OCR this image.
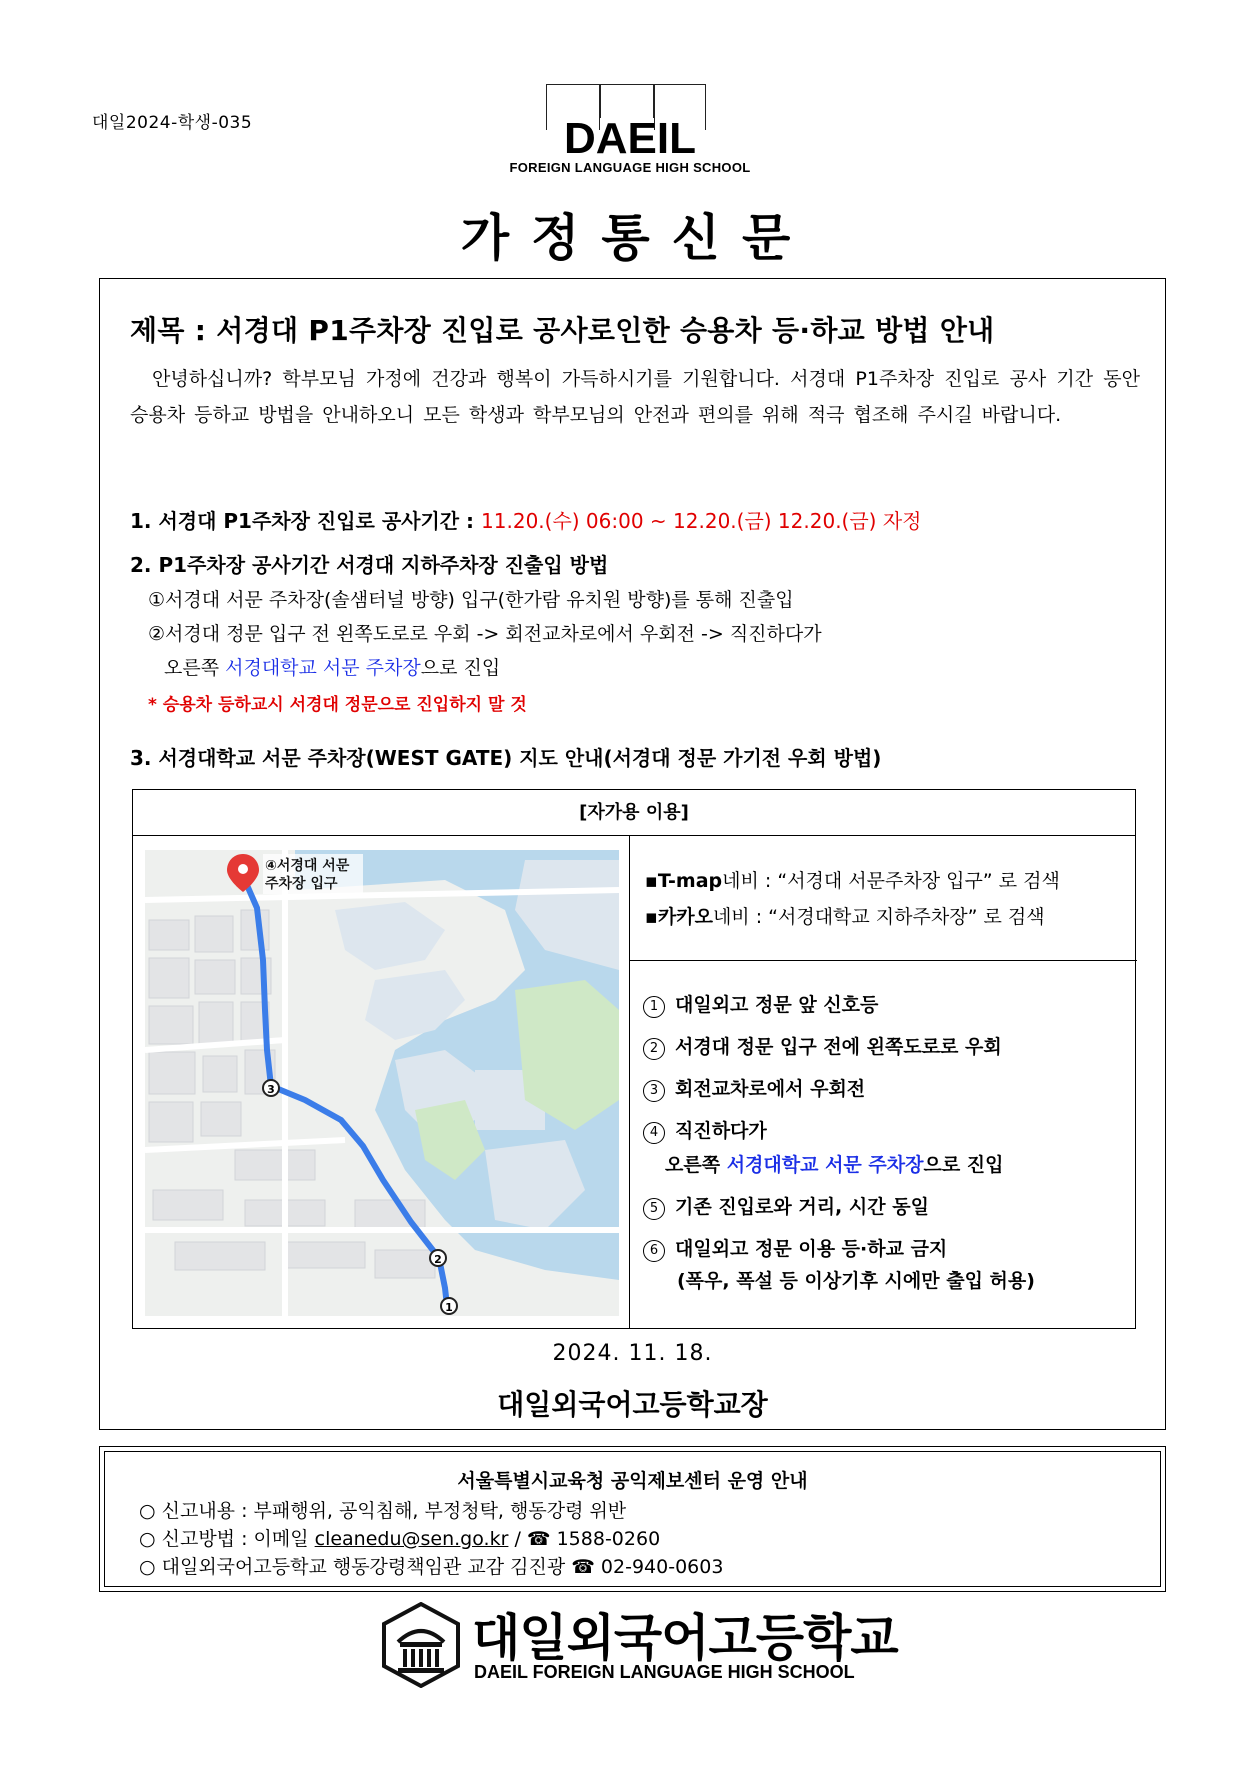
대일2024-학생-035	DAEIL
FOREIGN LANGUAGE HIGH SCHOOL
가정통신문
제목 : 서경대 P1주차장 진입로 공사로인한 승용차 등·하교 방법 안내
안녕하십니까? 학부모님 가정에 건강과 행복이 가득하시기를 기원합니다. 서경대 P1주차장 진입로 공사 기간 동안 승용차 등하교 방법을 안내하오니 모든 학생과 학부모님의 안전과 편의를 위해 적극 협조해 주시길 바랍니다.
1. 서경대 P1주차장 진입로 공사기간 : 11.20.(수) 06:00 ~ 12.20.(금) 12.20.(금) 자정
2. P1주차장 공사기간 서경대 지하주차장 진출입 방법
①서경대 서문 주차장(솔샘터널 방향) 입구(한가람 유치원 방향)를 통해 진출입
②서경대 정문 입구 전 왼쪽도로로 우회 -> 회전교차로에서 우회전 -> 직진하다가
오른쪽 서경대학교 서문 주차장으로 진입
* 승용차 등하교시 서경대 정문으로 진입하지 말 것
3. 서경대학교 서문 주차장(WEST GATE) 지도 안내(서경대 정문 가기전 우회 방법)
[자가용 이용]
3
2
1
④서경대 서문
주차장 입구	▪T-map네비 : “서경대 서문주차장 입구” 로 검색
▪카카오네비 : “서경대학교 지하주차장” 로 검색
1 대일외고 정문 앞 신호등
2 서경대 정문 입구 전에 왼쪽도로로 우회
3 회전교차로에서 우회전
4 직진하다가
오른쪽 서경대학교 서문 주차장으로 진입
5 기존 진입로와 거리, 시간 동일
6 대일외고 정문 이용 등·하교 금지
(폭우, 폭설 등 이상기후 시에만 출입 허용)
2024. 11. 18.
대일외국어고등학교장
서울특별시교육청 공익제보센터 운영 안내
○ 신고내용 : 부패행위, 공익침해, 부정청탁, 행동강령 위반
○ 신고방법 : 이메일 cleanedu@sen.go.kr / ☎ 1588-0260
○ 대일외국어고등학교 행동강령책임관 교감 김진광 ☎ 02-940-0603
대일외국어고등학교
DAEIL FOREIGN LANGUAGE HIGH SCHOOL
